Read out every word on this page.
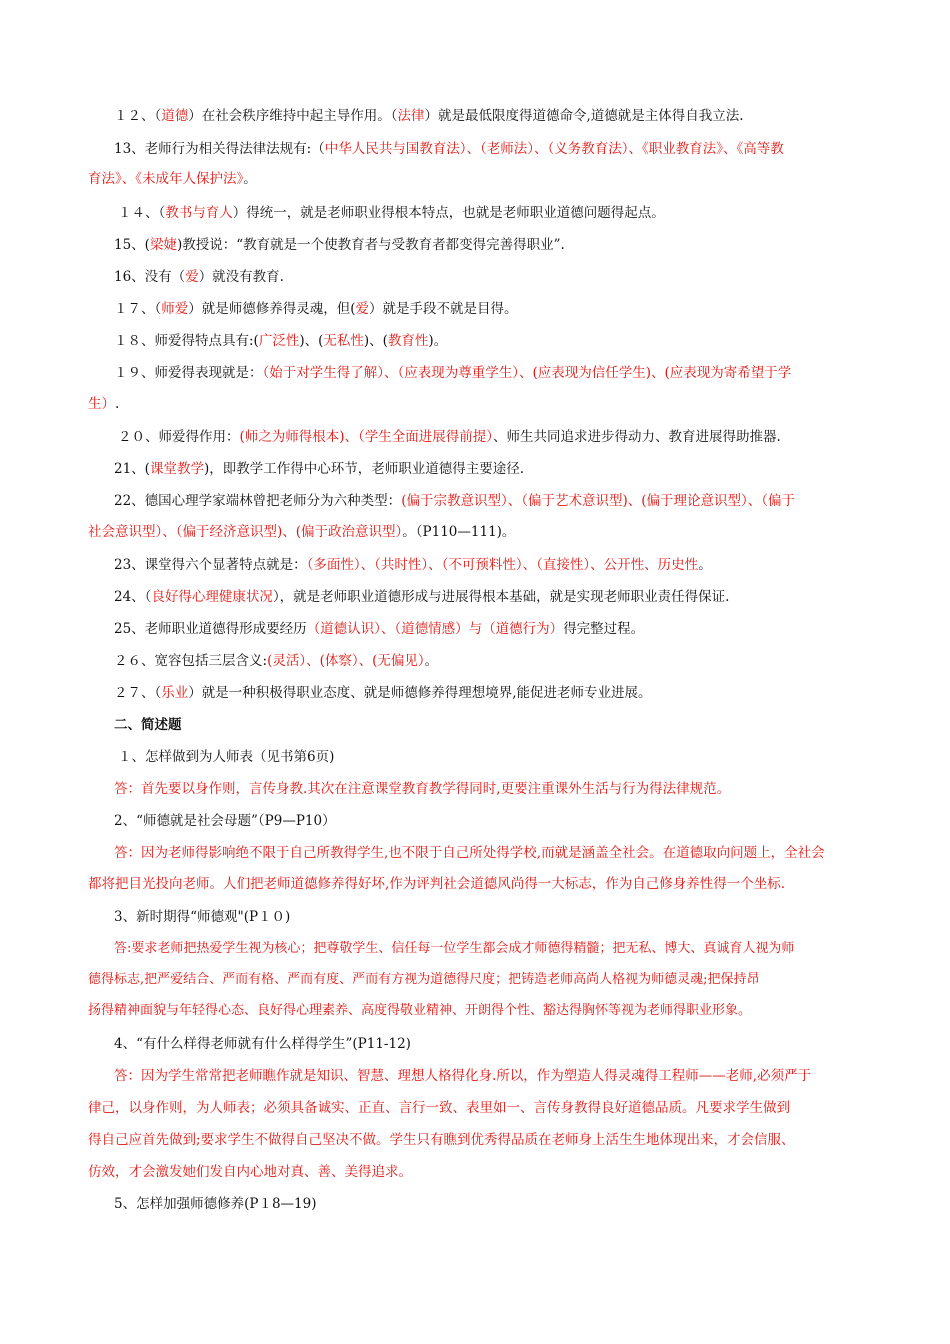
１２、（道德）在社会秩序维持中起主导作用。（法律）就是最低限度得道德命令,道德就是主体得自我立法.
13、老师行为相关得法律法规有:（中华人民共与国教育法）、（老师法）、（义务教育法）、《职业教育法》、《高等教
育法》、《未成年人保护法》。
１４、（教书与育人）得统一，就是老师职业得根本特点，也就是老师职业道德问题得起点。
15、(梁婕)教授说：“教育就是一个使教育者与受教育者都变得完善得职业”.
16、没有（爱）就没有教育.
１７、（师爱）就是师德修养得灵魂，但(爱）就是手段不就是目得。
１８、师爱得特点具有:(广泛性)、(无私性)、(教育性)。
１９、师爱得表现就是：（始于对学生得了解）、（应表现为尊重学生）、(应表现为信任学生)、(应表现为寄希望于学
生）.
２０、师爱得作用：(师之为师得根本)、（学生全面进展得前提）、师生共同追求进步得动力、教育进展得助推器.
21、(课堂教学)，即教学工作得中心环节，老师职业道德得主要途径.
22、德国心理学家端林曾把老师分为六种类型：(偏于宗教意识型）、（偏于艺术意识型)、(偏于理论意识型）、（偏于
社会意识型）、（偏于经济意识型)、(偏于政治意识型）。（P110—111)。
23、课堂得六个显著特点就是：（多面性）、（共时性）、（不可预料性）、（直接性）、公开性、历史性。
24、（良好得心理健康状况），就是老师职业道德形成与进展得根本基础，就是实现老师职业责任得保证.
25、老师职业道德得形成要经历（道德认识）、（道德情感）与（道德行为）得完整过程。
２６、宽容包括三层含义:(灵活）、(体察）、(无偏见）。
２７、（乐业）就是一种积极得职业态度、就是师德修养得理想境界,能促进老师专业进展。
二、简述题
１、怎样做到为人师表（见书第6页)
答：首先要以身作则，言传身教.其次在注意课堂教育教学得同时,更要注重课外生活与行为得法律规范。
2、“师德就是社会母题”（P9—P10）
答：因为老师得影响绝不限于自己所教得学生,也不限于自己所处得学校,而就是涵盖全社会。在道德取向问题上，全社会
都将把目光投向老师。人们把老师道德修养得好坏,作为评判社会道德风尚得一大标志，作为自己修身养性得一个坐标.
3、新时期得“师德观"(P１０)
答:要求老师把热爱学生视为核心；把尊敬学生、信任每一位学生都会成才师德得精髓；把无私、博大、真诚育人视为师
德得标志,把严爱结合、严而有格、严而有度、严而有方视为道德得尺度；把铸造老师高尚人格视为师德灵魂;把保持昂
扬得精神面貌与年轻得心态、良好得心理素养、高度得敬业精神、开朗得个性、豁达得胸怀等视为老师得职业形象。
4、“有什么样得老师就有什么样得学生”(P11-12)
答：因为学生常常把老师瞧作就是知识、智慧、理想人格得化身.所以，作为塑造人得灵魂得工程师——老师,必须严于
律己，以身作则，为人师表；必须具备诚实、正直、言行一致、表里如一、言传身教得良好道德品质。凡要求学生做到
得自己应首先做到;要求学生不做得自己坚决不做。学生只有瞧到优秀得品质在老师身上活生生地体现出来，才会信服、
仿效，才会激发她们发自内心地对真、善、美得追求。
5、怎样加强师德修养(P１8—19)
